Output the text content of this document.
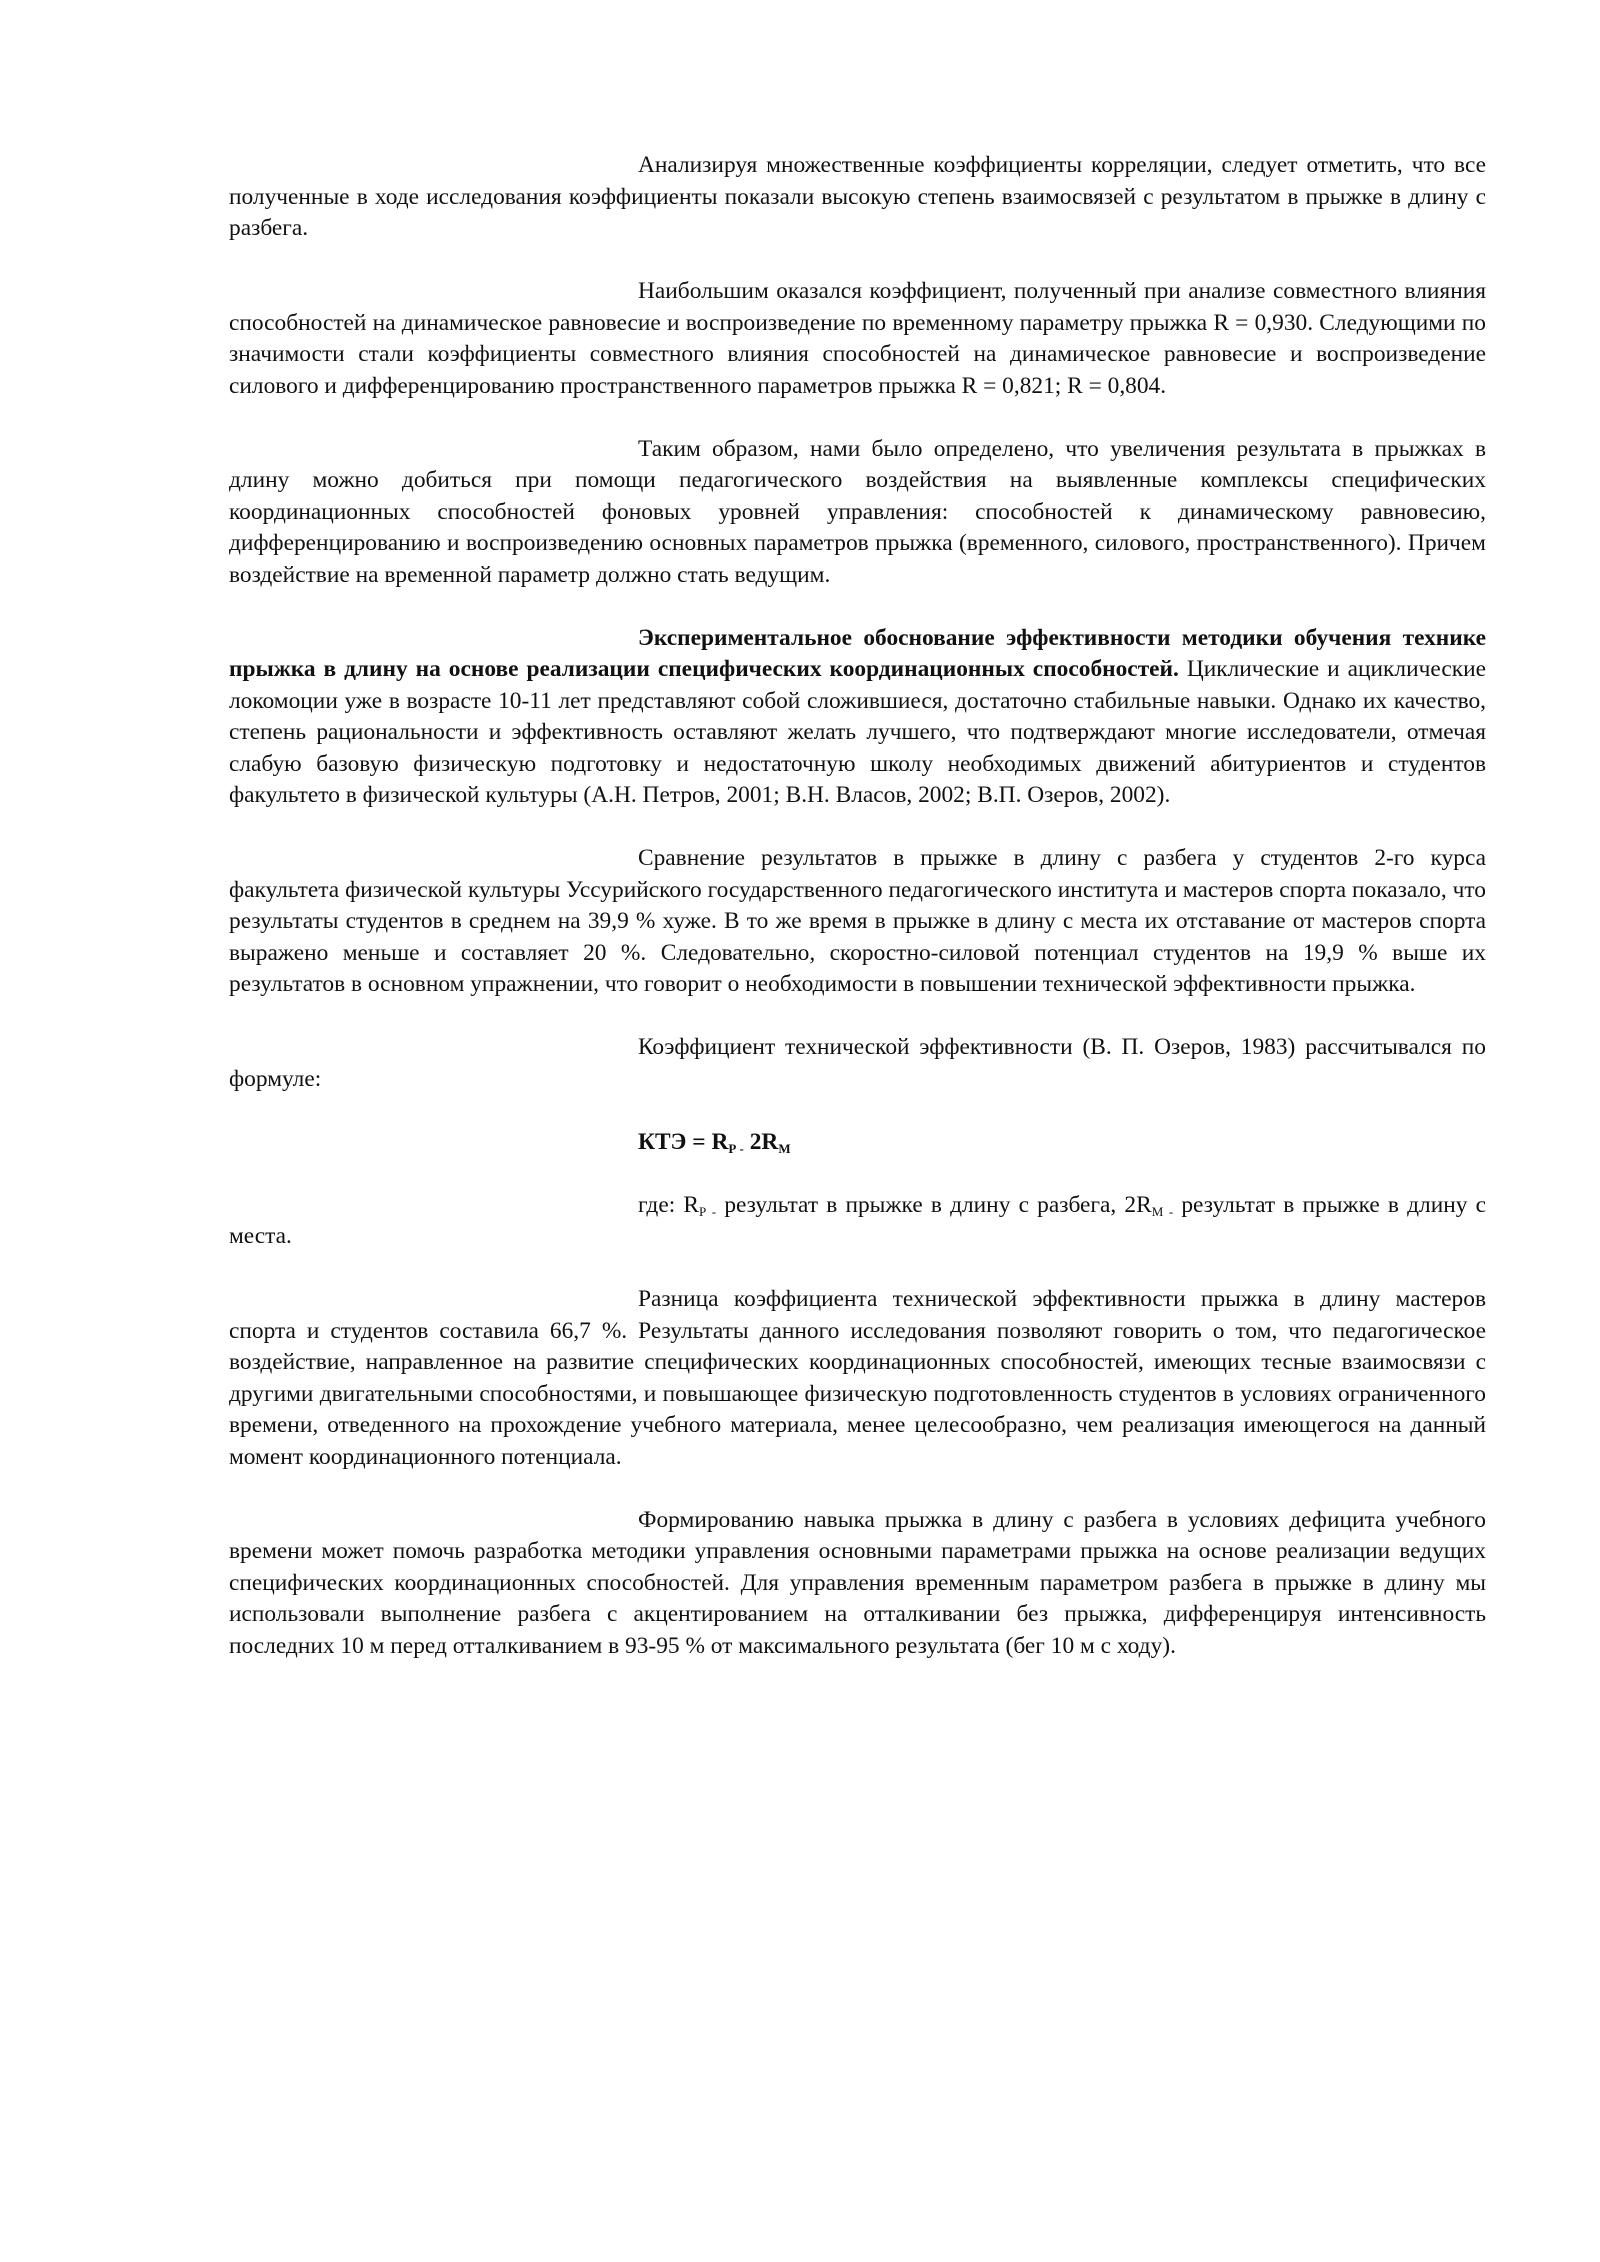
Анализируя множественные коэффициенты корреляции, следует отметить, что все полученные в ходе исследования коэффициенты показали высокую степень взаимосвязей с результатом в прыжке в длину с разбега.

Наибольшим оказался коэффициент, полученный при анализе совместного влияния способностей на динамическое равновесие и воспроизведение по временному параметру прыжка R = 0,930. Следующими по значимости стали коэффициенты совместного влияния способностей на динамическое равновесие и воспроизведение силового и дифференцированию пространственного параметров прыжка R = 0,821; R = 0,804.

Таким образом, нами было определено, что увеличения результата в прыжках в длину можно добиться при помощи педагогического воздействия на выявленные комплексы специфических координационных способностей фоновых уровней управления: способностей к динамическому равновесию, дифференцированию и воспроизведению основных параметров прыжка (временного, силового, пространственного). Причем воздействие на временной параметр должно стать ведущим.

Экспериментальное обоснование эффективности методики обучения технике прыжка в длину на основе реализации специфических координационных способностей. Циклические и ациклические локомоции уже в возрасте 10-11 лет представляют собой сложившиеся, достаточно стабильные навыки. Однако их качество, степень рациональности и эффективность оставляют желать лучшего, что подтверждают многие исследователи, отмечая слабую базовую физическую подготовку и недостаточную школу необходимых движений абитуриентов и студентов факультето в физической культуры (А.Н. Петров, 2001; В.Н. Власов, 2002; В.П. Озеров, 2002).

Сравнение результатов в прыжке в длину с разбега у студентов 2-го курса факультета физической культуры Уссурийского государственного педагогического института и мастеров спорта показало, что результаты студентов в среднем на 39,9 % хуже. В то же время в прыжке в длину с места их отставание от мастеров спорта выражено меньше и составляет 20 %. Следовательно, скоростно-силовой потенциал студентов на 19,9 % выше их результатов в основном упражнении, что говорит о необходимости в повышении технической эффективности прыжка.

Коэффициент технической эффективности (В. П. Озеров, 1983) рассчитывался по формуле:

КТЭ = $R_{Р -}$ $2R_М$

где: $R_{Р -}$ результат в прыжке в длину с разбега, $2R_{М -}$ результат в прыжке в длину с места.

Разница коэффициента технической эффективности прыжка в длину мастеров спорта и студентов составила 66,7 %. Результаты данного исследования позволяют говорить о том, что педагогическое воздействие, направленное на развитие специфических координационных способностей, имеющих тесные взаимосвязи с другими двигательными способностями, и повышающее физическую подготовленность студентов в условиях ограниченного времени, отведенного на прохождение учебного материала, менее целесообразно, чем реализация имеющегося на данный момент координационного потенциала.

Формированию навыка прыжка в длину с разбега в условиях дефицита учебного времени может помочь разработка методики управления основными параметрами прыжка на основе реализации ведущих специфических координационных способностей. Для управления временным параметром разбега в прыжке в длину мы использовали выполнение разбега с акцентированием на отталкивании без прыжка, дифференцируя интенсивность последних 10 м перед отталкиванием в 93-95 % от максимального результата (бег 10 м с ходу).
